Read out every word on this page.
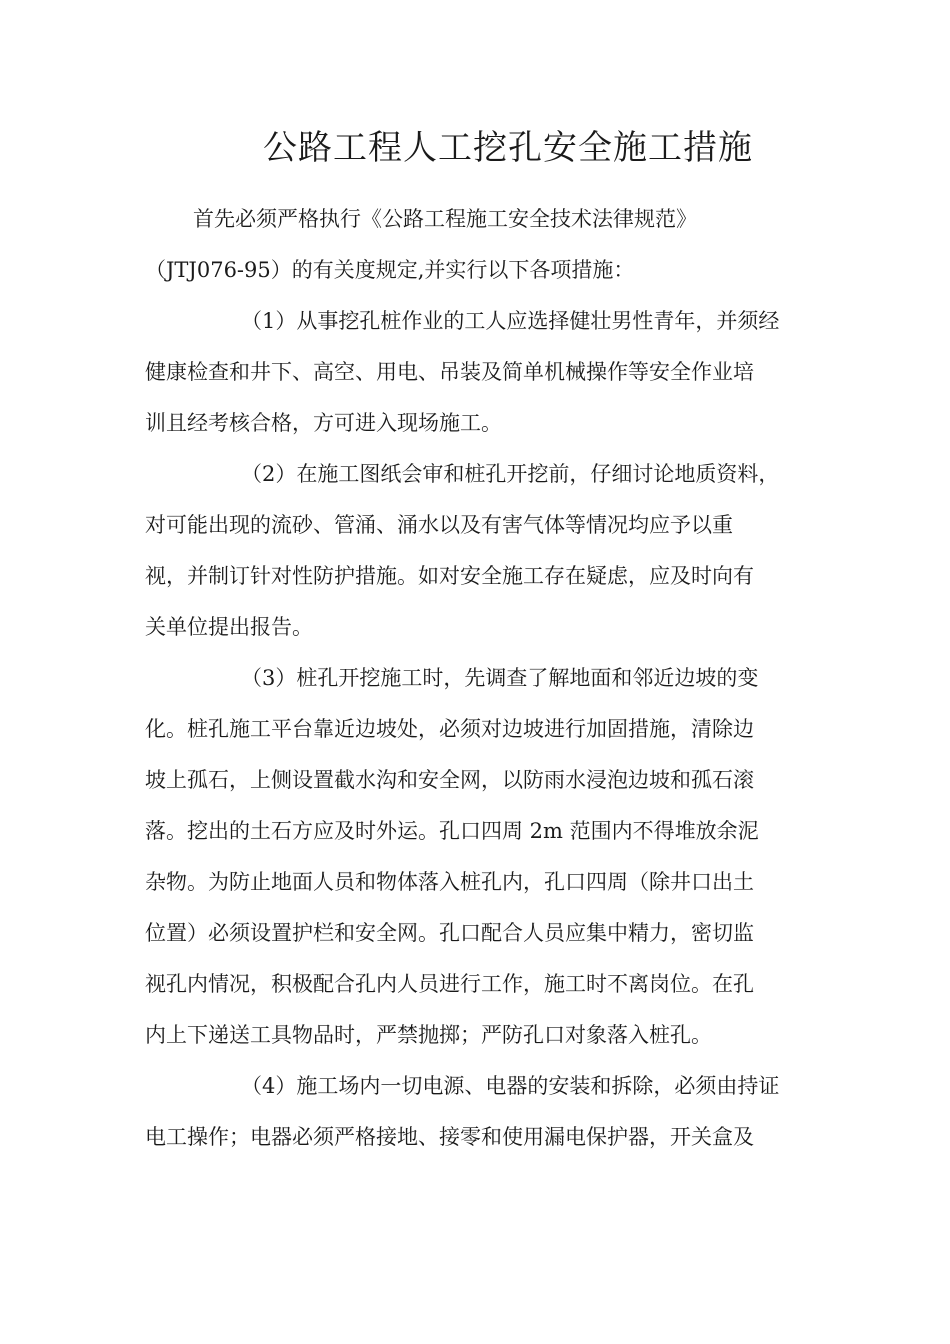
公路工程人工挖孔安全施工措施

首先必须严格执行《公路工程施工安全技术法律规范》

（JTJ076-95）的有关度规定,并实行以下各项措施：

（1）从事挖孔桩作业的工人应选择健壮男性青年，并须经

健康检查和井下、高空、用电、吊装及简单机械操作等安全作业培

训且经考核合格，方可进入现场施工。

（2）在施工图纸会审和桩孔开挖前，仔细讨论地质资料，

对可能出现的流砂、管涌、涌水以及有害气体等情况均应予以重

视，并制订针对性防护措施。如对安全施工存在疑虑，应及时向有

关单位提出报告。

（3）桩孔开挖施工时，先调查了解地面和邻近边坡的变

化。桩孔施工平台靠近边坡处，必须对边坡进行加固措施，清除边

坡上孤石，上侧设置截水沟和安全网，以防雨水浸泡边坡和孤石滚

落。挖出的土石方应及时外运。孔口四周 2m 范围内不得堆放余泥

杂物。为防止地面人员和物体落入桩孔内，孔口四周（除井口出土

位置）必须设置护栏和安全网。孔口配合人员应集中精力，密切监

视孔内情况，积极配合孔内人员进行工作，施工时不离岗位。在孔

内上下递送工具物品时，严禁抛掷；严防孔口对象落入桩孔。

（4）施工场内一切电源、电器的安装和拆除，必须由持证

电工操作；电器必须严格接地、接零和使用漏电保护器，开关盒及
